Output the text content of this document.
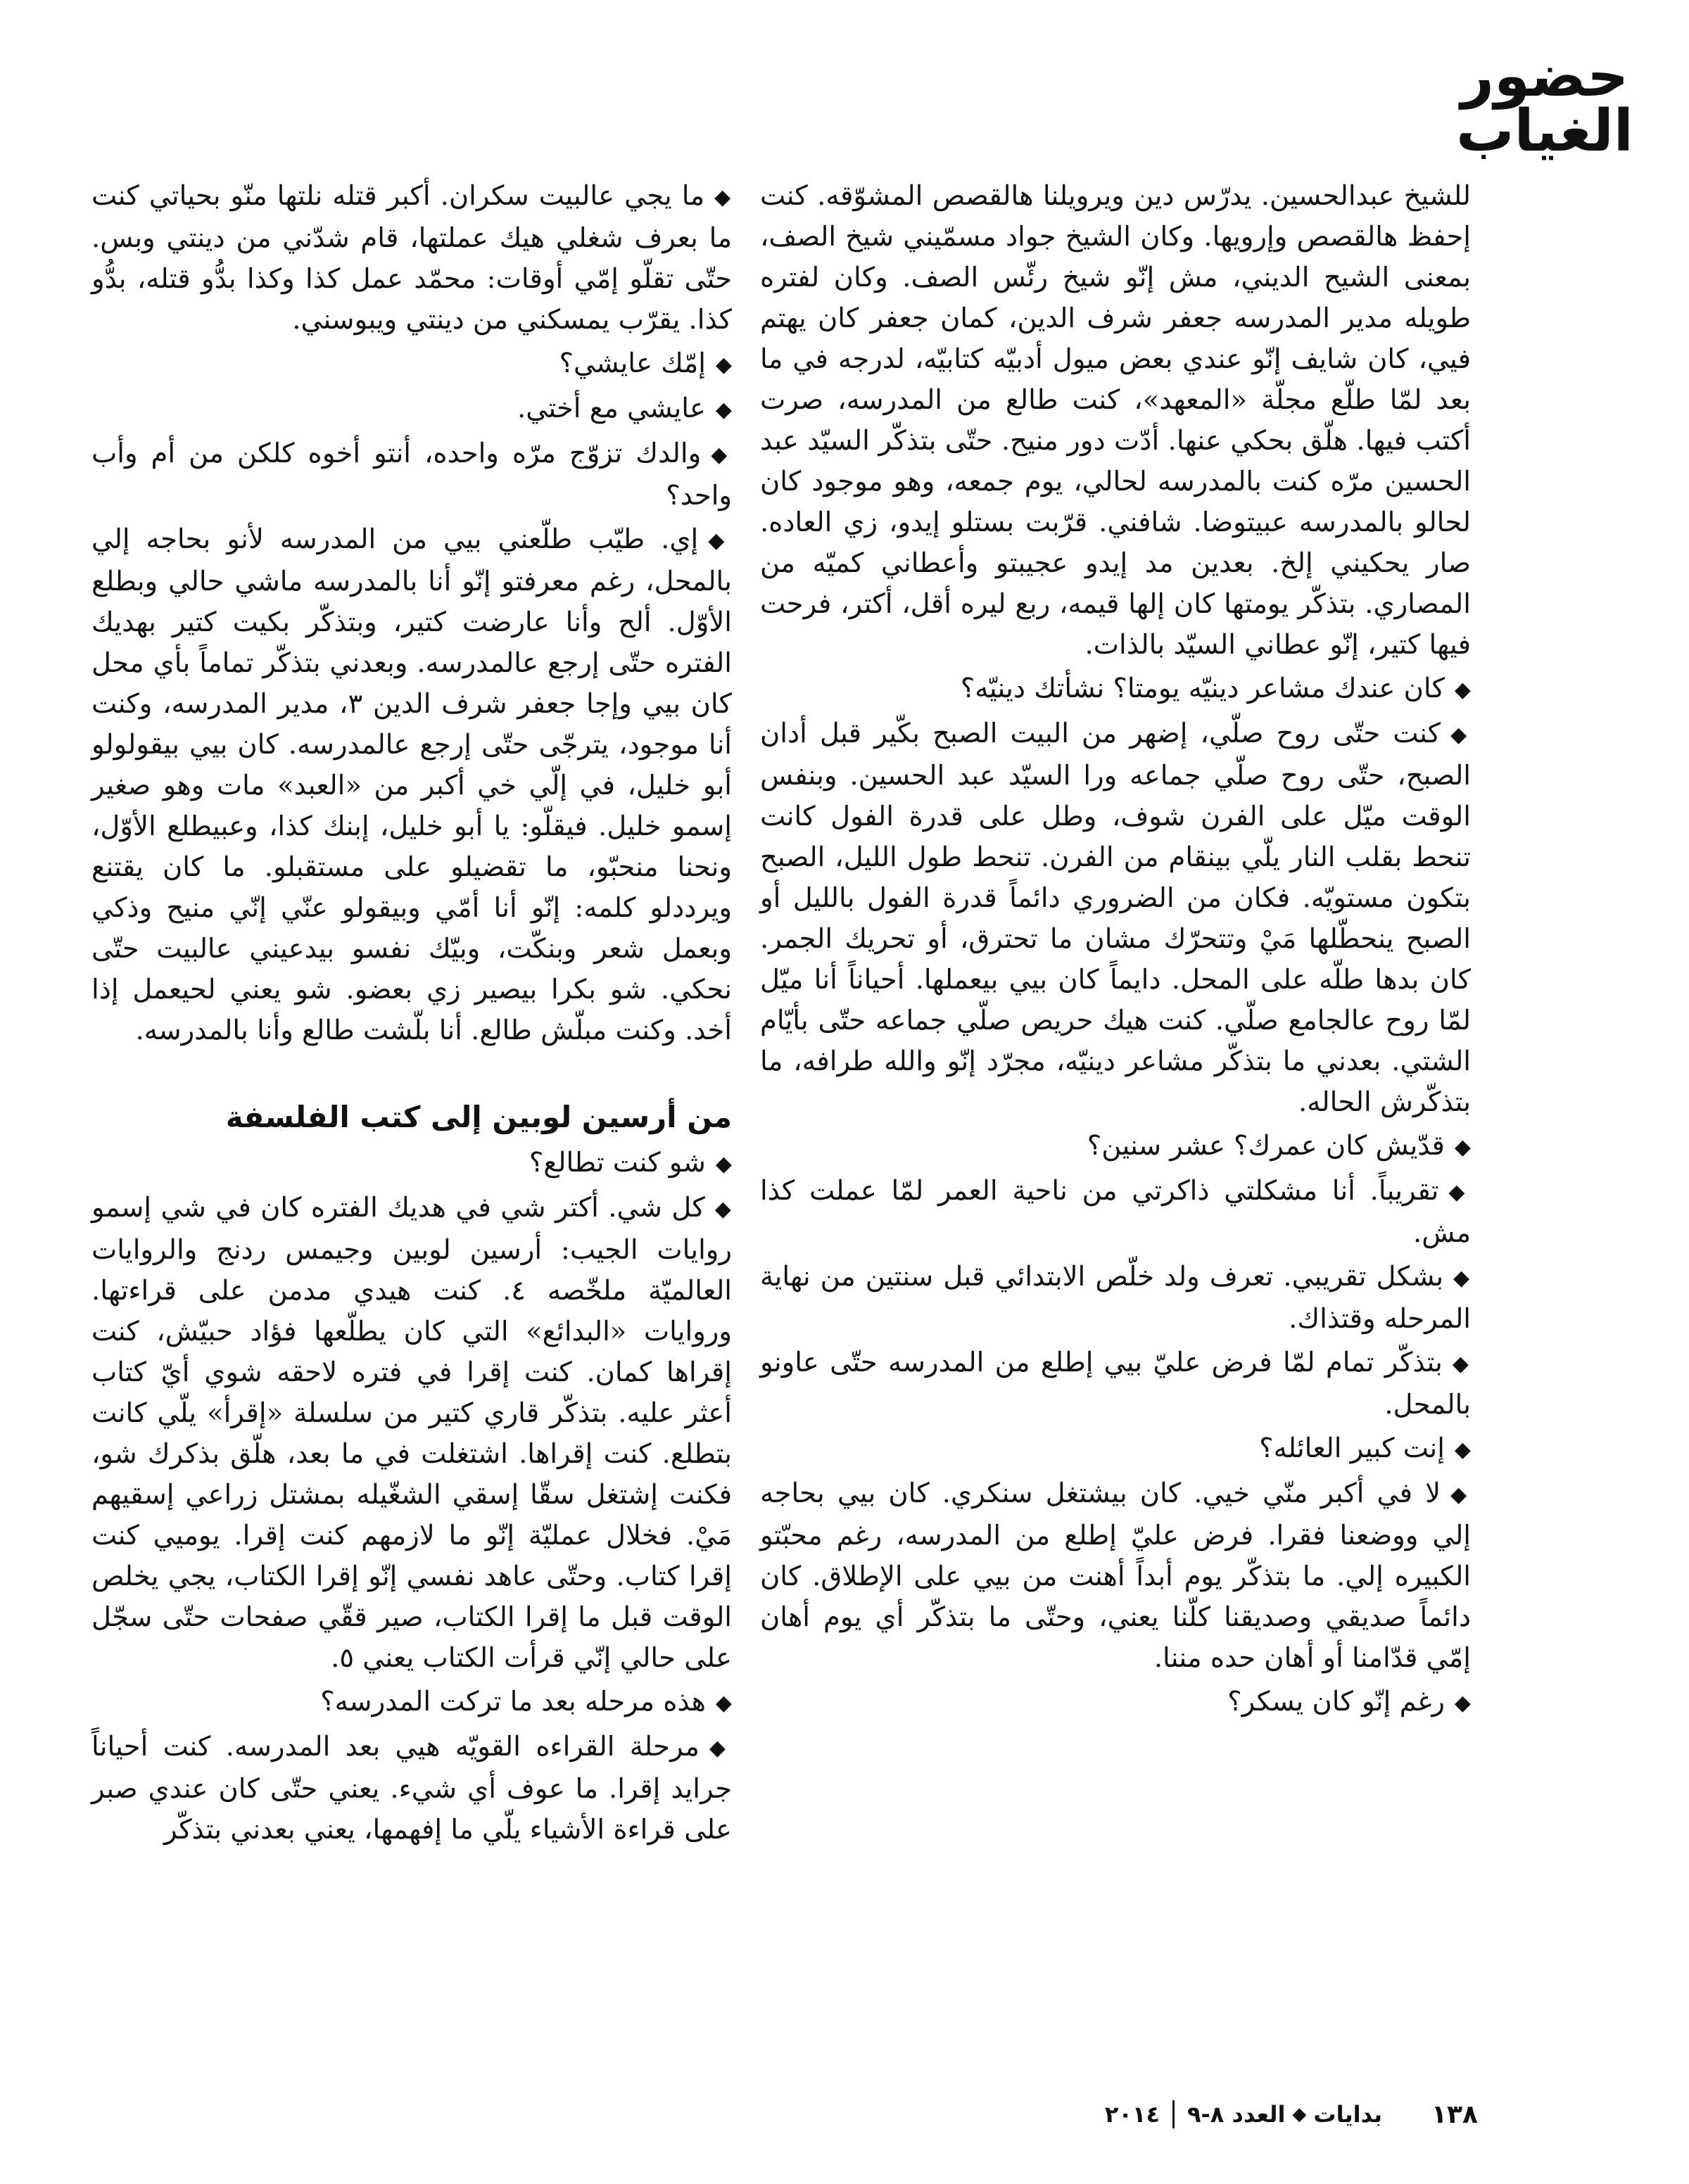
حضور
الغياب

للشيخ عبدالحسين. يدرّس دين ويرويلنا هالقصص المشوّقه. كنت إحفظ هالقصص وإرويها. وكان الشيخ جواد مسمّيني شيخ الصف، بمعنى الشيح الديني، مش إنّو شيخ رئّس الصف. وكان لفتره طويله مدير المدرسه جعفر شرف الدين، كمان جعفر كان يهتم فيي، كان شايف إنّو عندي بعض ميول أدبيّه كتابيّه، لدرجه في ما بعد لمّا طلّع مجلّة «المعهد»، كنت طالع من المدرسه، صرت أكتب فيها. هلّق بحكي عنها. أدّت دور منيح. حتّى بتذكّر السيّد عبد الحسين مرّه كنت بالمدرسه لحالي، يوم جمعه، وهو موجود كان لحالو بالمدرسه عبيتوضا. شافني. قرّبت بستلو إيدو، زي العاده. صار يحكيني إلخ. بعدين مد إيدو عجيبتو وأعطاني كميّه من المصاري. بتذكّر يومتها كان إلها قيمه، ربع ليره أقل، أكتر، فرحت فيها كتير، إنّو عطاني السيّد بالذات.

◆كان عندك مشاعر دينيّه يومتا؟ نشأتك دينيّه؟

◆كنت حتّى روح صلّي، إضهر من البيت الصبح بكّير قبل أدان الصبح، حتّى روح صلّي جماعه ورا السيّد عبد الحسين. وبنفس الوقت ميّل على الفرن شوف، وطل على قدرة الفول كانت تنحط بقلب النار يلّي بينقام من الفرن. تنحط طول الليل، الصبح بتكون مستويّه. فكان من الضروري دائماً قدرة الفول بالليل أو الصبح ينحطّلها مَيْ وتتحرّك مشان ما تحترق، أو تحريك الجمر. كان بدها طلّه على المحل. دايماً كان بيي بيعملها. أحياناً أنا ميّل لمّا روح عالجامع صلّي. كنت هيك حريص صلّي جماعه حتّى بأيّام الشتي. بعدني ما بتذكّر مشاعر دينيّه، مجرّد إنّو والله طرافه، ما بتذكّرش الحاله.

◆قدّيش كان عمرك؟ عشر سنين؟

◆تقريباً. أنا مشكلتي ذاكرتي من ناحية العمر لمّا عملت كذا مش.

◆بشكل تقريبي. تعرف ولد خلّص الابتدائي قبل سنتين من نهاية المرحله وقتذاك.

◆بتذكّر تمام لمّا فرض عليّ بيي إطلع من المدرسه حتّى عاونو بالمحل.

◆إنت كبير العائله؟

◆لا في أكبر منّي خيي. كان بيشتغل سنكري. كان بيي بحاجه إلي ووضعنا فقرا. فرض عليّ إطلع من المدرسه، رغم محبّتو الكبيره إلي. ما بتذكّر يوم أبداً أهنت من بيي على الإطلاق. كان دائماً صديقي وصديقنا كلّنا يعني، وحتّى ما بتذكّر أي يوم أهان إمّي قدّامنا أو أهان حده مننا.

◆رغم إنّو كان يسكر؟

◆ما يجي عالبيت سكران. أكبر قتله نلتها منّو بحياتي كنت ما بعرف شغلي هيك عملتها، قام شدّني من دينتي وبس. حتّى تقلّو إمّي أوقات: محمّد عمل كذا وكذا بدُّو قتله، بدُّو كذا. يقرّب يمسكني من دينتي ويبوسني.

◆إمّك عايشي؟

◆عايشي مع أختي.

◆والدك تزوّج مرّه واحده، أنتو أخوه كلكن من أم وأب واحد؟

◆إي. طيّب طلّعني بيي من المدرسه لأنو بحاجه إلي بالمحل، رغم معرفتو إنّو أنا بالمدرسه ماشي حالي وبطلع الأوّل. ألح وأنا عارضت كتير، وبتذكّر بكيت كتير بهديك الفتره حتّى إرجع عالمدرسه. وبعدني بتذكّر تماماً بأي محل كان بيي وإجا جعفر شرف الدين ٣، مدير المدرسه، وكنت أنا موجود، يترجّى حتّى إرجع عالمدرسه. كان بيي بيقولولو أبو خليل، في إلّي خي أكبر من «العبد» مات وهو صغير إسمو خليل. فيقلّو: يا أبو خليل، إبنك كذا، وعبيطلع الأوّل، ونحنا منحبّو، ما تقضيلو على مستقبلو. ما كان يقتنع ويرددلو كلمه: إنّو أنا أمّي وبيقولو عنّي إنّي منيح وذكي وبعمل شعر وبنكّت، وبيّك نفسو بيدعيني عالبيت حتّى نحكي. شو بكرا بيصير زي بعضو. شو يعني لحيعمل إذا أخد. وكنت مبلّش طالع. أنا بلّشت طالع وأنا بالمدرسه.

من أرسين لوبين إلى كتب الفلسفة

◆شو كنت تطالع؟

◆كل شي. أكتر شي في هديك الفتره كان في شي إسمو روايات الجيب: أرسين لوبين وجيمس ردنج والروايات العالميّة ملخّصه ٤. كنت هيدي مدمن على قراءتها. وروايات «البدائع» التي كان يطلّعها فؤاد حبيّش، كنت إقراها كمان. كنت إقرا في فتره لاحقه شوي أيّ كتاب أعثر عليه. بتذكّر قاري كتير من سلسلة «إقرأ» يلّي كانت بتطلع. كنت إقراها. اشتغلت في ما بعد، هلّق بذكرك شو، فكنت إشتغل سقّا إسقي الشغّيله بمشتل زراعي إسقيهم مَيْ. فخلال عمليّة إنّو ما لازمهم كنت إقرا. يوميي كنت إقرا كتاب. وحتّى عاهد نفسي إنّو إقرا الكتاب، يجي يخلص الوقت قبل ما إقرا الكتاب، صير ققّي صفحات حتّى سجّل على حالي إنّي قرأت الكتاب يعني ٥.

◆هذه مرحله بعد ما تركت المدرسه؟

◆مرحلة القراءه القويّه هيي بعد المدرسه. كنت أحياناً جرايد إقرا. ما عوف أي شيء. يعني حتّى كان عندي صبر على قراءة الأشياء يلّي ما إفهمها، يعني بعدني بتذكّر

١٣٨
بدايات
◆
العدد ٨-٩
٢٠١٤
